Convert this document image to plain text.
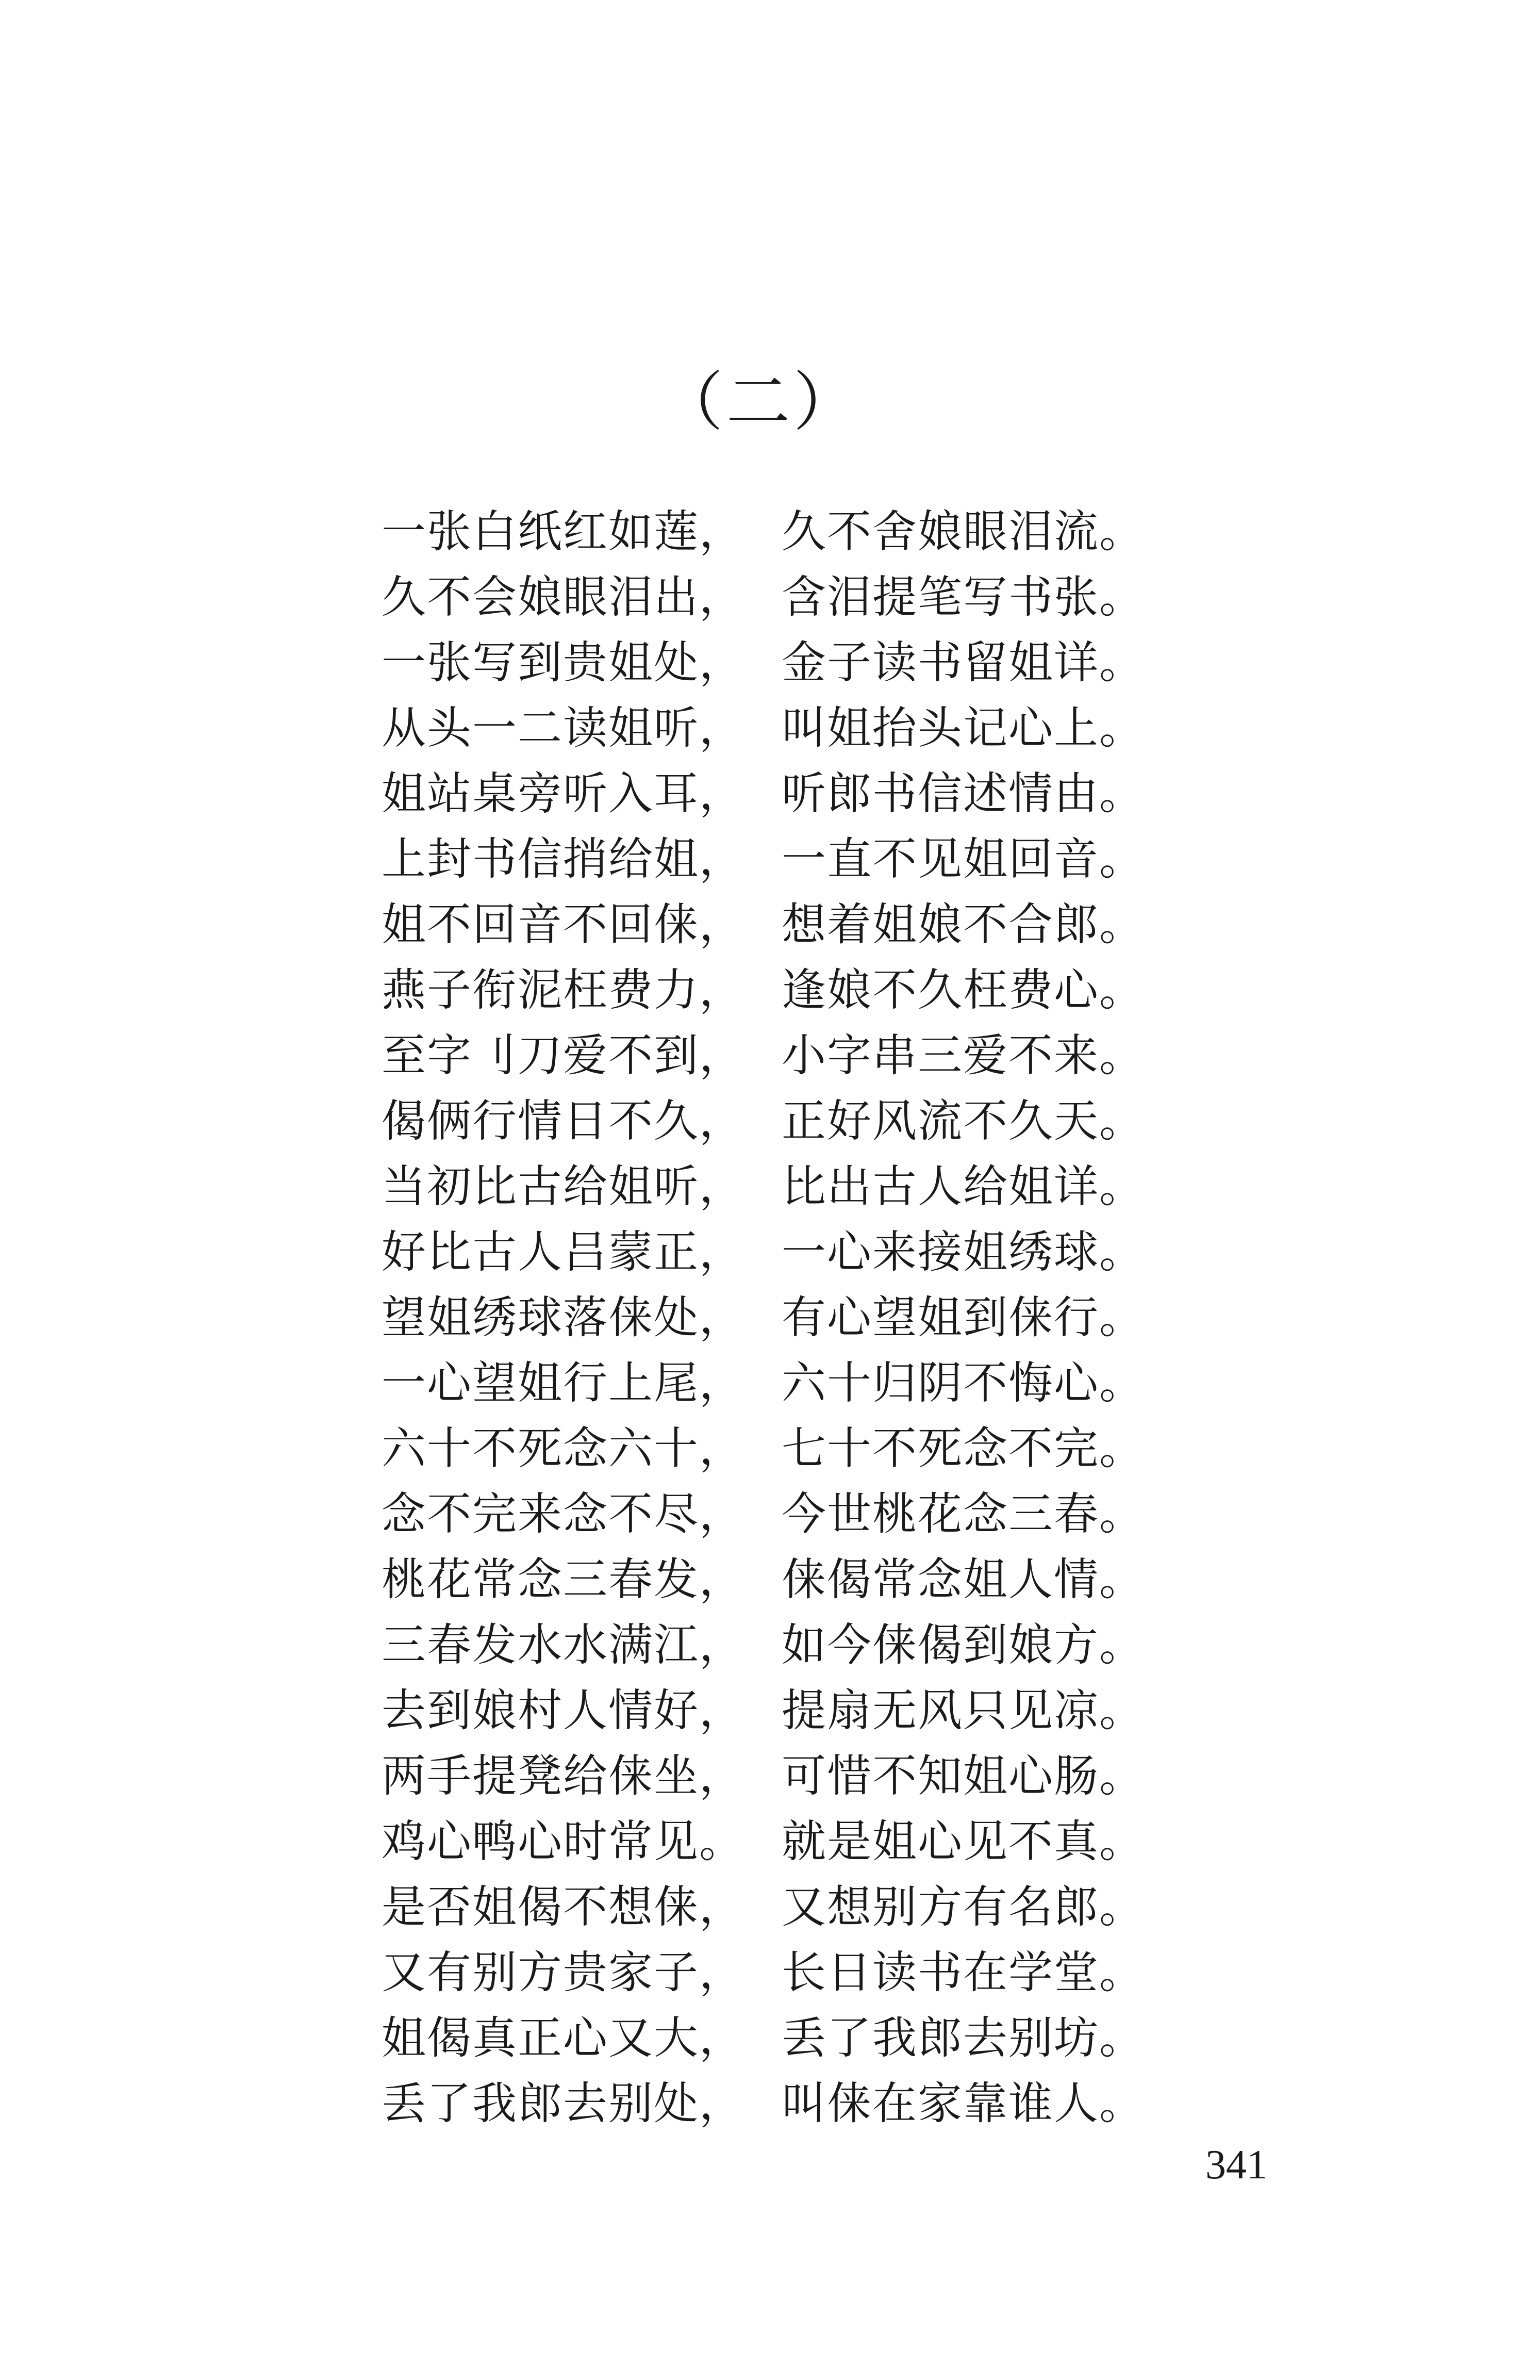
（二）
一张白纸红如莲， 久不舍娘眼泪流。
久不会娘眼泪出， 含泪提笔写书张。
一张写到贵姐处， 金子读书留姐详。
从头一二读姐听， 叫姐抬头记心上。
姐站桌旁听入耳， 听郎书信述情由。
上封书信捎给姐， 一直不见姐回音。
姐不回音不回俫， 想着姐娘不合郎。
燕子衔泥枉费力， 逢娘不久枉费心。
至字刂刀爱不到， 小字串三爱不来。
偈俩行情日不久， 正好风流不久天。
当初比古给姐听， 比出古人给姐详。
好比古人吕蒙正， 一心来接姐绣球。
望姐绣球落俫处， 有心望姐到俫行。
一心望姐行上尾， 六十归阴不悔心。
六十不死念六十， 七十不死念不完。
念不完来念不尽， 今世桃花念三春。
桃花常念三春发， 俫偈常念姐人情。
三春发水水满江， 如今俫偈到娘方。
去到娘村人情好， 提扇无风只见凉。
两手提凳给俫坐， 可惜不知姐心肠。
鸡心鸭心时常见。 就是姐心见不真。
是否姐偈不想俫， 又想别方有名郎。
又有别方贵家子， 长日读书在学堂。
姐偈真正心又大， 丢了我郎去别坊。
丢了我郎去别处， 叫俫在家靠谁人。
341
